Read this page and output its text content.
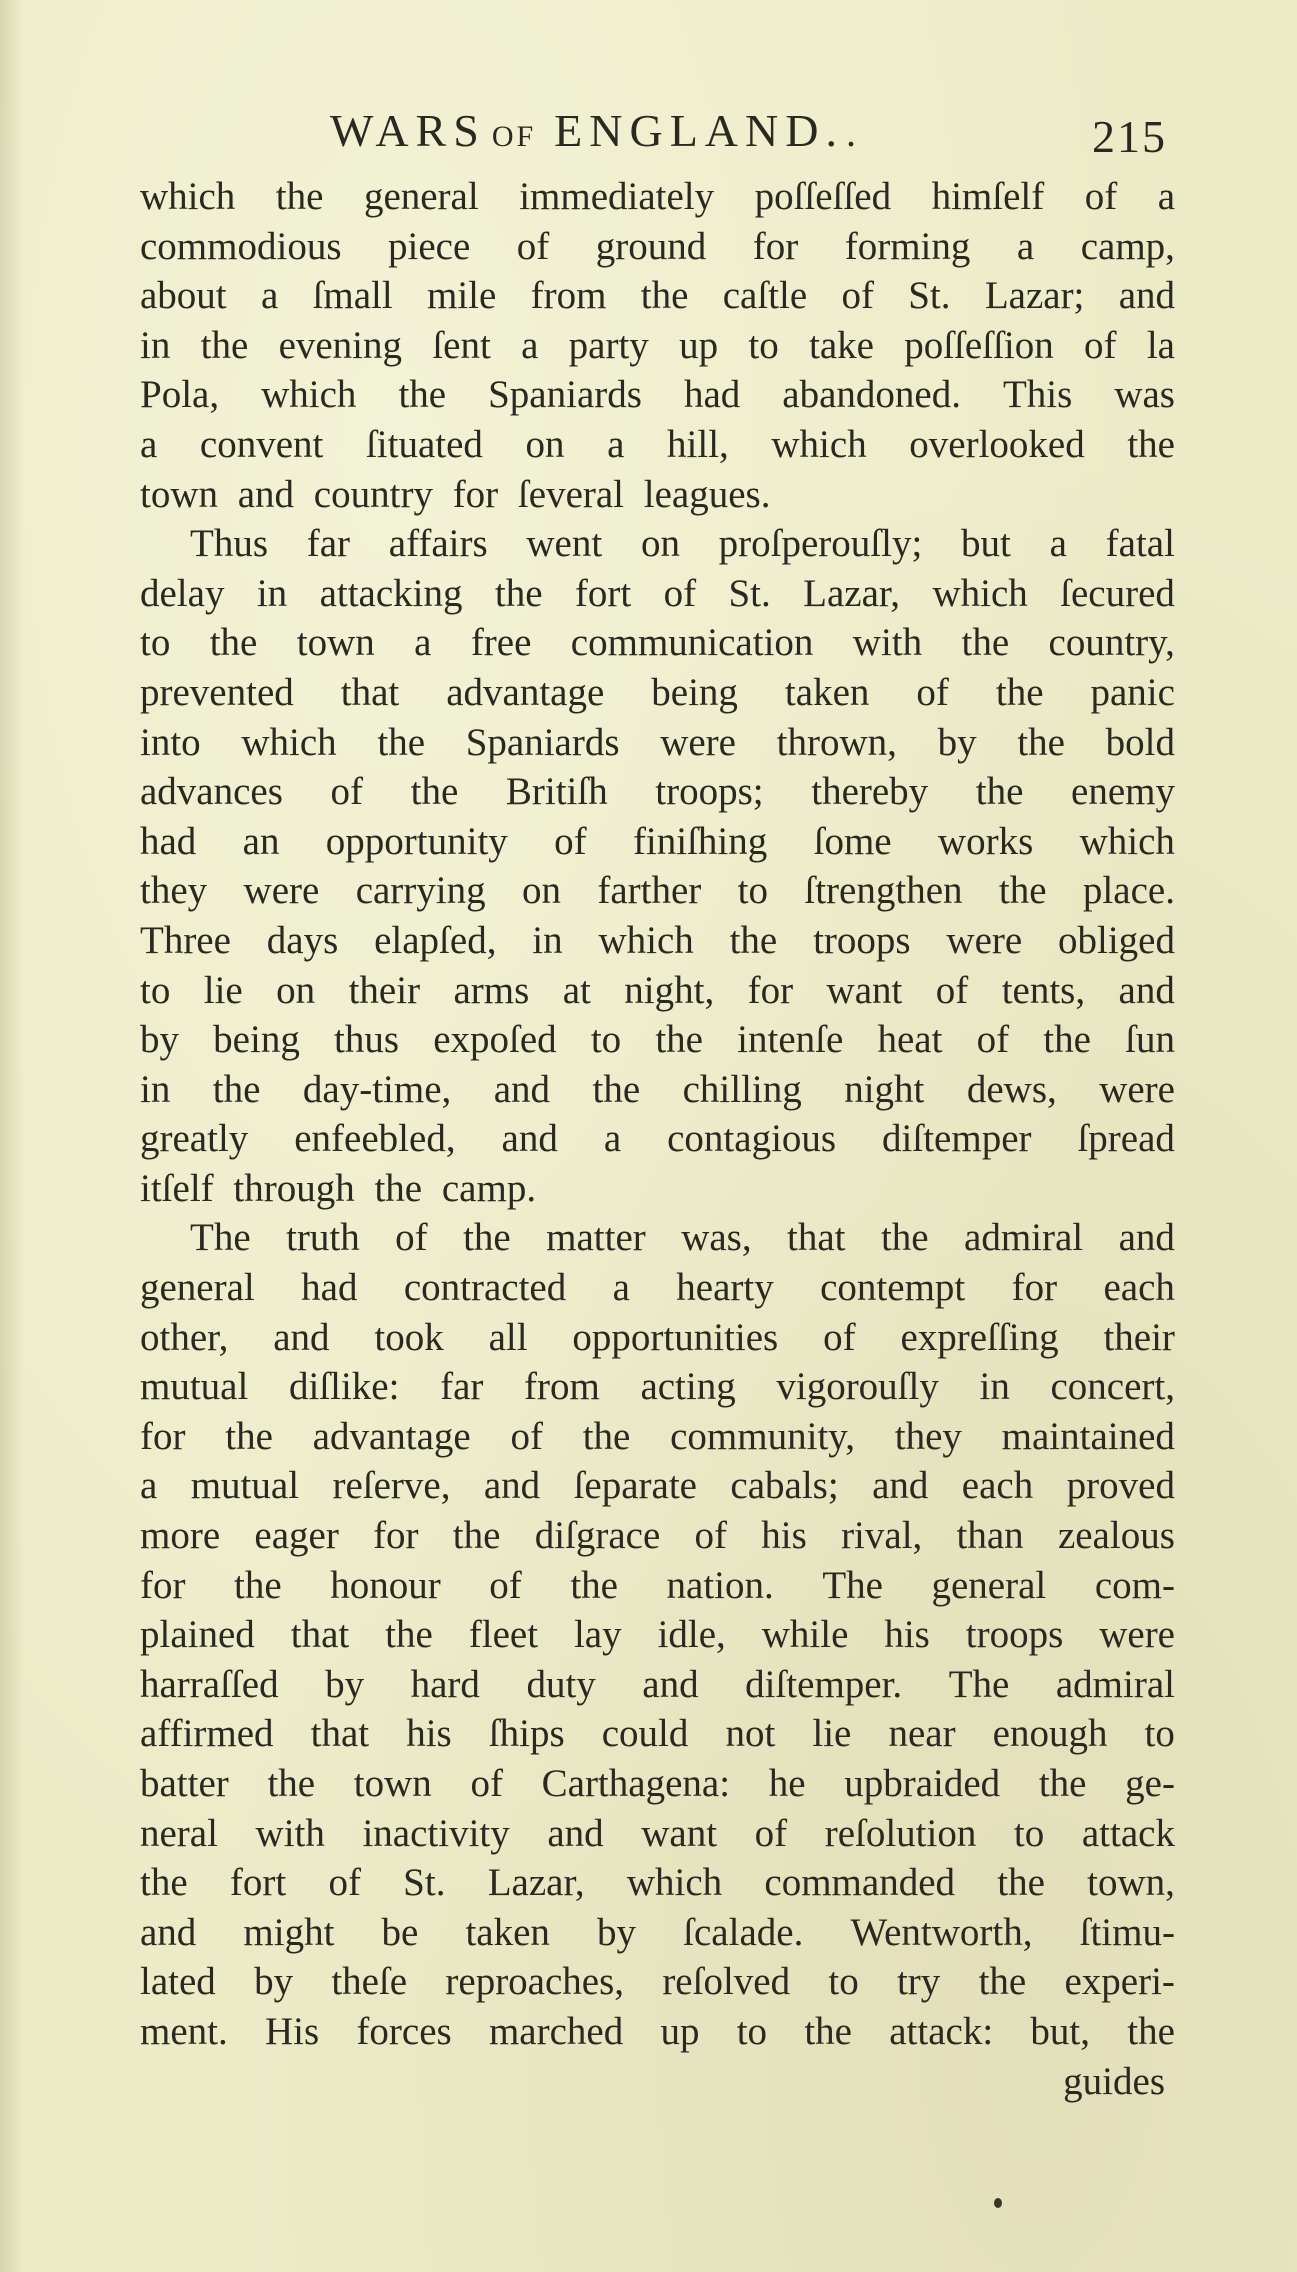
WARS OF ENGLAND. .	215
which the general immediately poſſeſſed himſelf of a
commodious piece of ground for forming a camp,
about a ſmall mile from the caſtle of St. Lazar; and
in the evening ſent a party up to take poſſeſſion of la
Pola, which the Spaniards had abandoned. This was
a convent ſituated on a hill, which overlooked the
town and country for ſeveral leagues.
Thus far affairs went on proſperouſly; but a fatal
delay in attacking the fort of St. Lazar, which ſecured
to the town a free communication with the country,
prevented that advantage being taken of the panic
into which the Spaniards were thrown, by the bold
advances of the Britiſh troops; thereby the enemy
had an opportunity of finiſhing ſome works which
they were carrying on farther to ſtrengthen the place.
Three days elapſed, in which the troops were obliged
to lie on their arms at night, for want of tents, and
by being thus expoſed to the intenſe heat of the ſun
in the day-time, and the chilling night dews, were
greatly enfeebled, and a contagious diſtemper ſpread
itſelf through the camp.
The truth of the matter was, that the admiral and
general had contracted a hearty contempt for each
other, and took all opportunities of expreſſing their
mutual diſlike: far from acting vigorouſly in concert,
for the advantage of the community, they maintained
a mutual reſerve, and ſeparate cabals; and each proved
more eager for the diſgrace of his rival, than zealous
for the honour of the nation. The general com-
plained that the fleet lay idle, while his troops were
harraſſed by hard duty and diſtemper. The admiral
affirmed that his ſhips could not lie near enough to
batter the town of Carthagena: he upbraided the ge-
neral with inactivity and want of reſolution to attack
the fort of St. Lazar, which commanded the town,
and might be taken by ſcalade. Wentworth, ſtimu-
lated by theſe reproaches, reſolved to try the experi-
ment. His forces marched up to the attack: but, the
guides
